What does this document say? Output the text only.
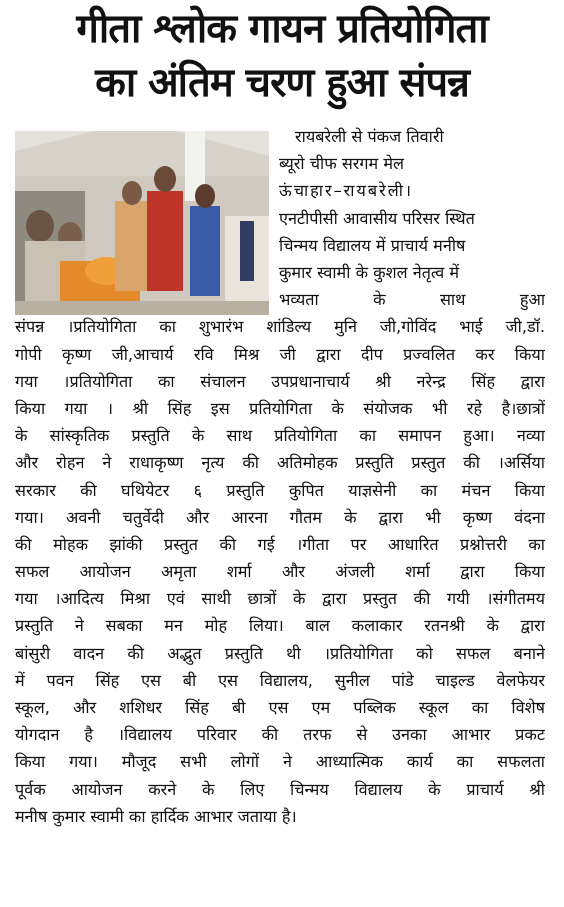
गीता श्लोक गायन प्रतियोगिता
का अंतिम चरण हुआ संपन्न
रायबरेली से पंकज तिवारी
ब्यूरो चीफ सरगम मेल
ऊंचाहार–रायबरेली।
एनटीपीसी आवासीय परिसर स्थित
चिन्मय विद्यालय में प्राचार्य मनीष
कुमार स्वामी के कुशल नेतृत्व में
भव्यता के साथ हुआ
संपन्न ।प्रतियोगिता का शुभारंभ शांडिल्य मुनि जी,गोविंद भाई जी,डॉ.
गोपी कृष्ण जी,आचार्य रवि मिश्र जी द्वारा दीप प्रज्वलित कर किया
गया ।प्रतियोगिता का संचालन उपप्रधानाचार्य श्री नरेन्द्र सिंह द्वारा
किया गया । श्री सिंह इस प्रतियोगिता के संयोजक भी रहे है।छात्रों
के सांस्कृतिक प्रस्तुति के साथ प्रतियोगिता का समापन हुआ। नव्या
और रोहन ने राधाकृष्ण नृत्य की अतिमोहक प्रस्तुति प्रस्तुत की ।अर्सिया
सरकार की घथियेटर ६ प्रस्तुति कुपित याज्ञसेनी का मंचन किया
गया। अवनी चतुर्वेदी और आरना गौतम के द्वारा भी कृष्ण वंदना
की मोहक झांकी प्रस्तुत की गई ।गीता पर आधारित प्रश्नोत्तरी का
सफल आयोजन अमृता शर्मा और अंजली शर्मा द्वारा किया
गया ।आदित्य मिश्रा एवं साथी छात्रों के द्वारा प्रस्तुत की गयी ।संगीतमय
प्रस्तुति ने सबका मन मोह लिया। बाल कलाकार रतनश्री के द्वारा
बांसुरी वादन की अद्भुत प्रस्तुति थी ।प्रतियोगिता को सफल बनाने
में पवन सिंह एस बी एस विद्यालय, सुनील पांडे चाइल्ड वेलफेयर
स्कूल, और शशिधर सिंह बी एस एम पब्लिक स्कूल का विशेष
योगदान है ।विद्यालय परिवार की तरफ से उनका आभार प्रकट
किया गया। मौजूद सभी लोगों ने आध्यात्मिक कार्य का सफलता
पूर्वक आयोजन करने के लिए चिन्मय विद्यालय के प्राचार्य श्री
मनीष कुमार स्वामी का हार्दिक आभार जताया है।
